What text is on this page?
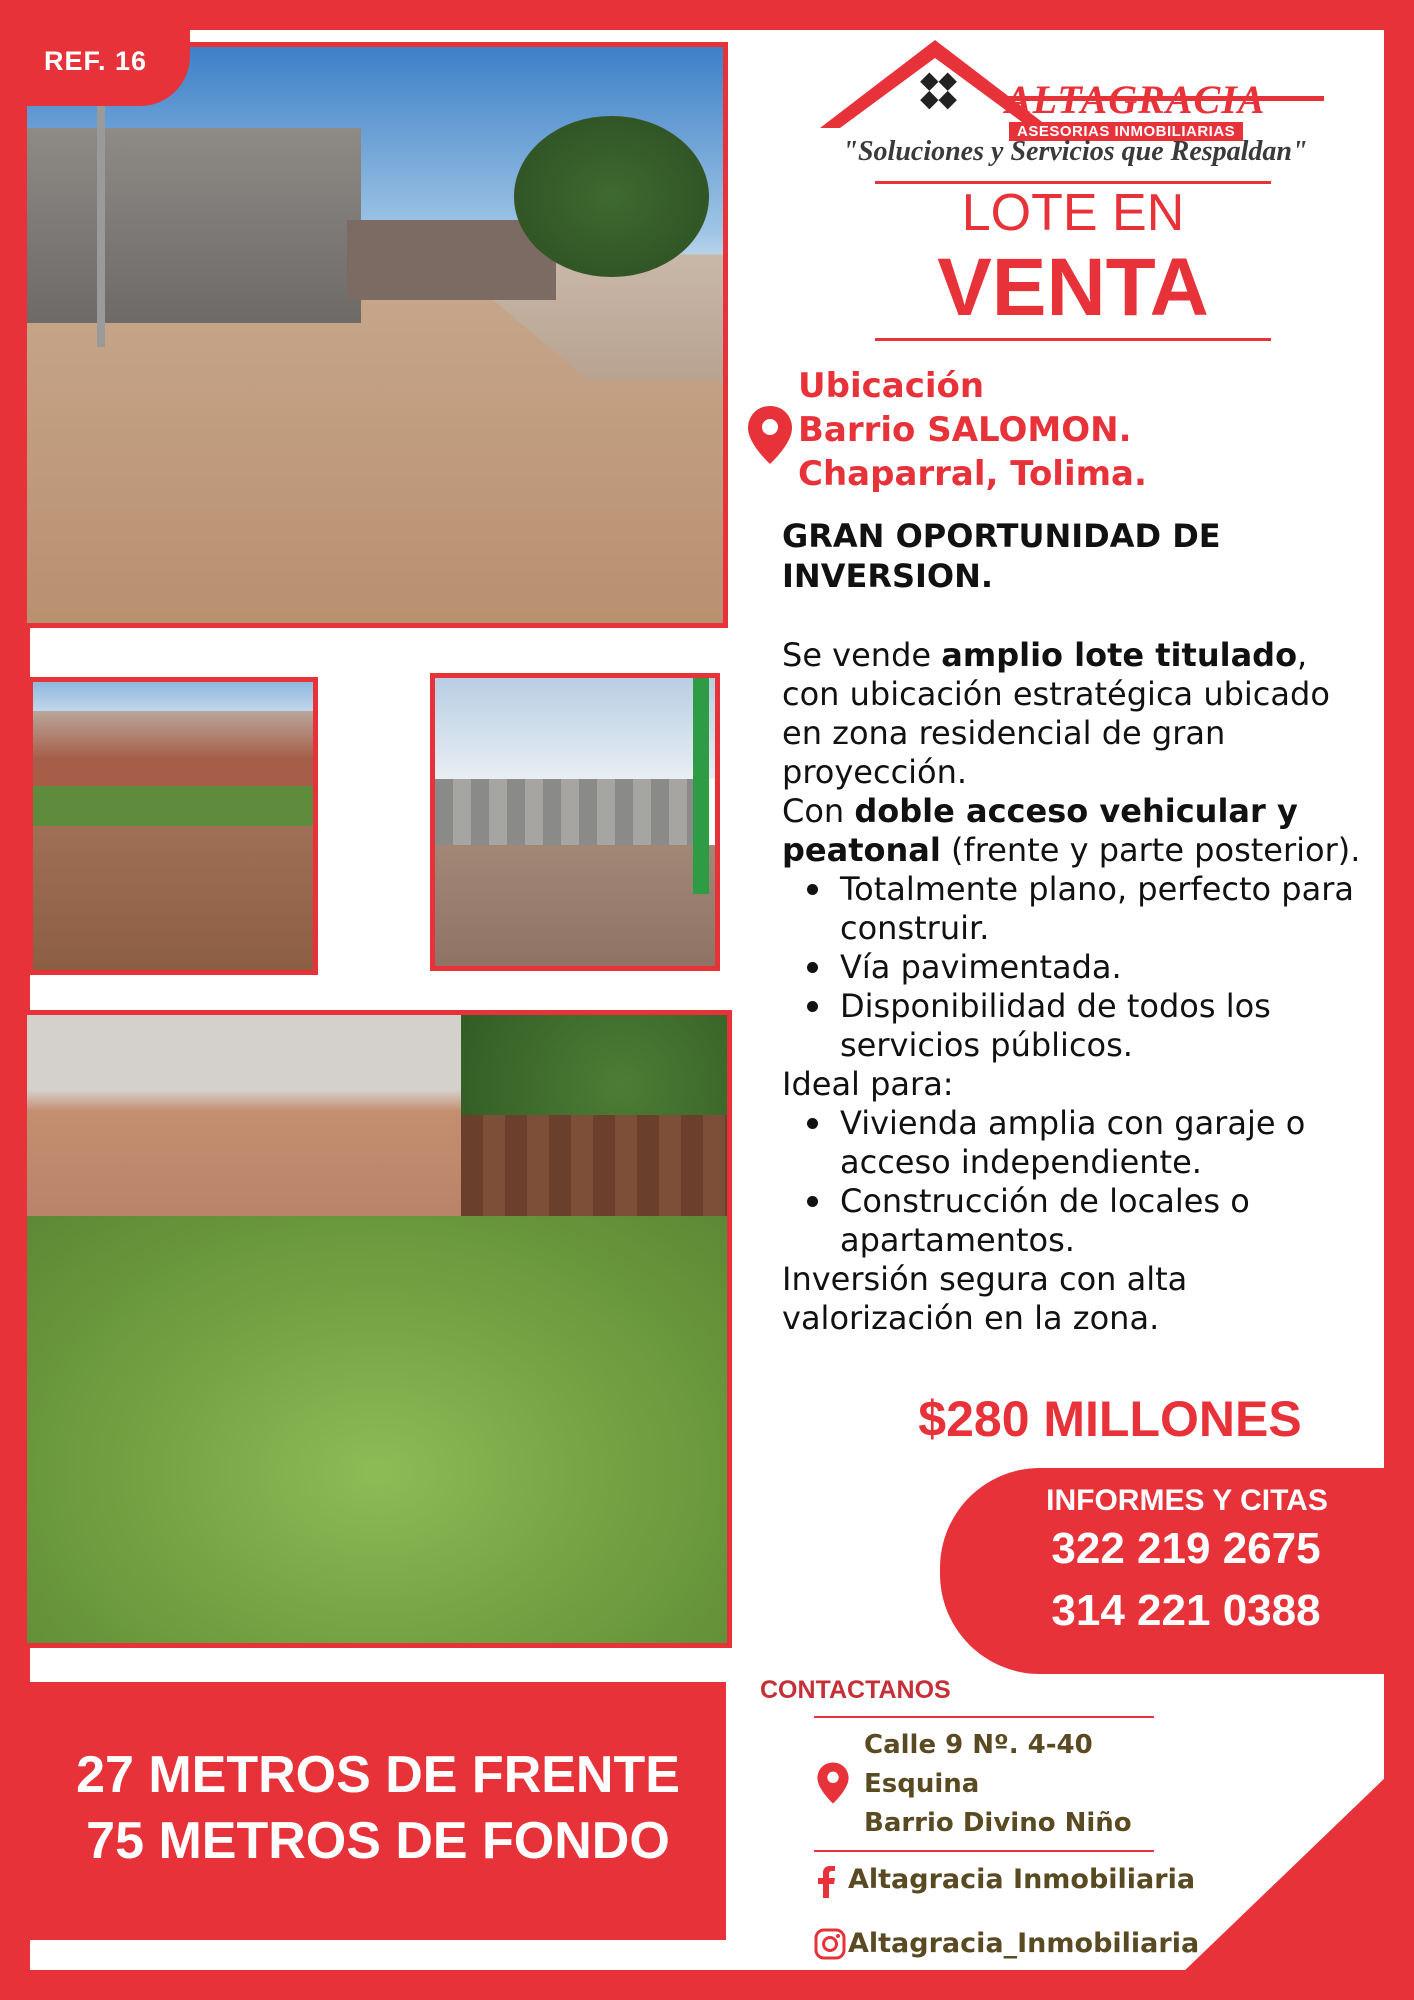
REF. 16
ALTAGRACIA
ASESORIAS INMOBILIARIAS
"Soluciones y Servicios que Respaldan"
LOTE EN
VENTA
Ubicación
Barrio SALOMON.
Chaparral, Tolima.
GRAN OPORTUNIDAD DE INVERSION.
Se vende amplio lote titulado, con ubicación estratégica ubicado en zona residencial de gran proyección.
Con doble acceso vehicular y peatonal (frente y parte posterior).
Totalmente plano, perfecto para construir.
Vía pavimentada.
Disponibilidad de todos los servicios públicos.
Ideal para:
Vivienda amplia con garaje o acceso independiente.
Construcción de locales o apartamentos.
Inversión segura con alta valorización en la zona.
$280 MILLONES
INFORMES Y CITAS
322 219 2675
314 221 0388
CONTACTANOS
Calle 9 Nº. 4-40
Esquina
Barrio Divino Niño
Altagracia Inmobiliaria
Altagracia_Inmobiliaria
27 METROS DE FRENTE
75 METROS DE FONDO
